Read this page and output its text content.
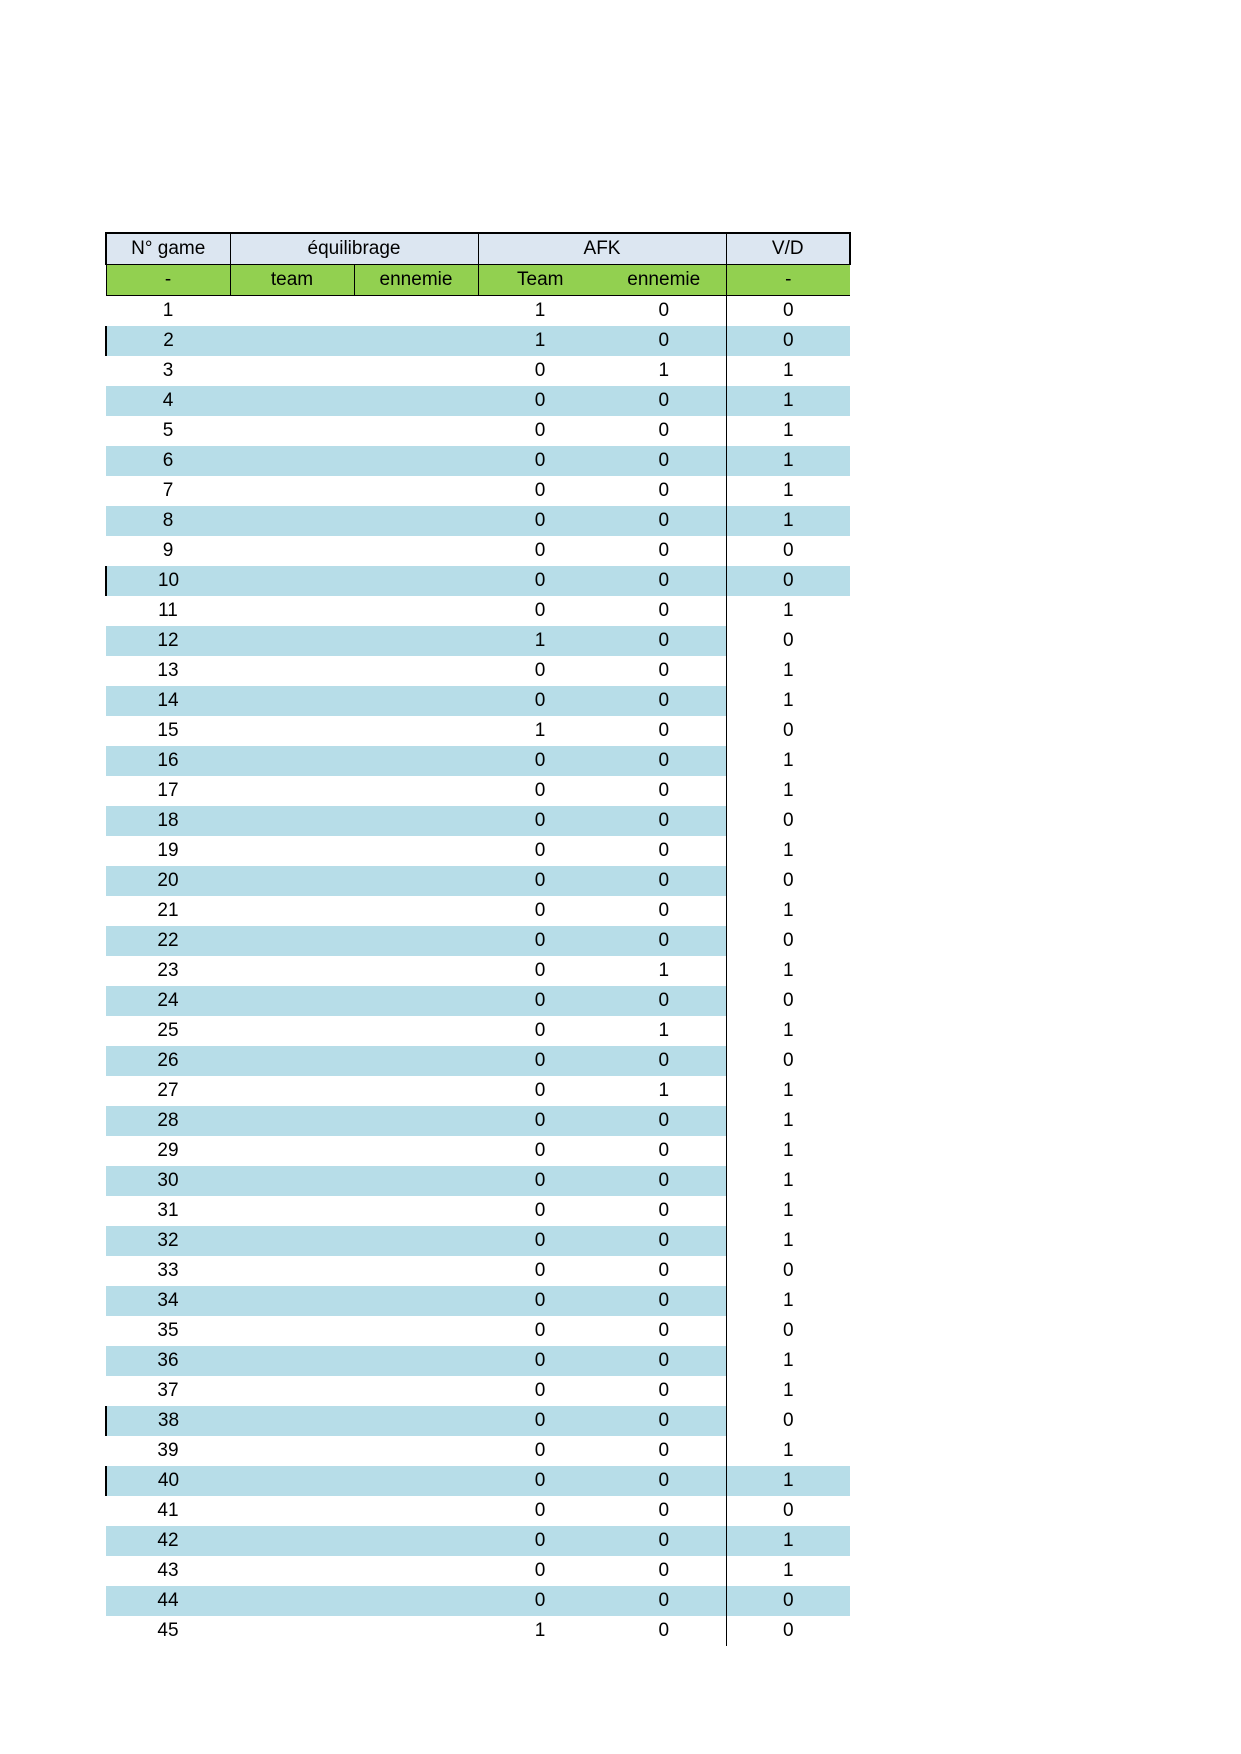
N° game	équilibrage		AFK		V/D
-	team	ennemie	Team	ennemie	-
1			1	0	0
2			1	0	0
3			0	1	1
4			0	0	1
5			0	0	1
6			0	0	1
7			0	0	1
8			0	0	1
9			0	0	0
10			0	0	0
11			0	0	1
12			1	0	0
13			0	0	1
14			0	0	1
15			1	0	0
16			0	0	1
17			0	0	1
18			0	0	0
19			0	0	1
20			0	0	0
21			0	0	1
22			0	0	0
23			0	1	1
24			0	0	0
25			0	1	1
26			0	0	0
27			0	1	1
28			0	0	1
29			0	0	1
30			0	0	1
31			0	0	1
32			0	0	1
33			0	0	0
34			0	0	1
35			0	0	0
36			0	0	1
37			0	0	1
38			0	0	0
39			0	0	1
40			0	0	1
41			0	0	0
42			0	0	1
43			0	0	1
44			0	0	0
45			1	0	0
